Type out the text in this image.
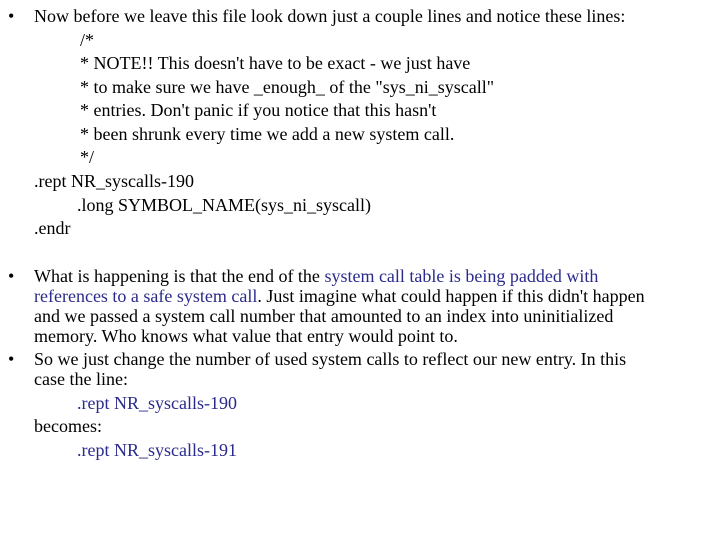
•	Now before we leave this file look down just a couple lines and notice these lines:
/*
* NOTE!! This doesn't have to be exact - we just have
* to make sure we have _enough_ of the "sys_ni_syscall"
* entries. Don't panic if you notice that this hasn't
* been shrunk every time we add a new system call.
*/
.rept NR_syscalls-190
.long SYMBOL_NAME(sys_ni_syscall)
.endr
•	What is happening is that the end of the system call table is being padded with
references to a safe system call. Just imagine what could happen if this didn't happen
and we passed a system call number that amounted to an index into uninitialized
memory. Who knows what value that entry would point to.
•	So we just change the number of used system calls to reflect our new entry. In this
case the line:
.rept NR_syscalls-190
becomes:
.rept NR_syscalls-191
